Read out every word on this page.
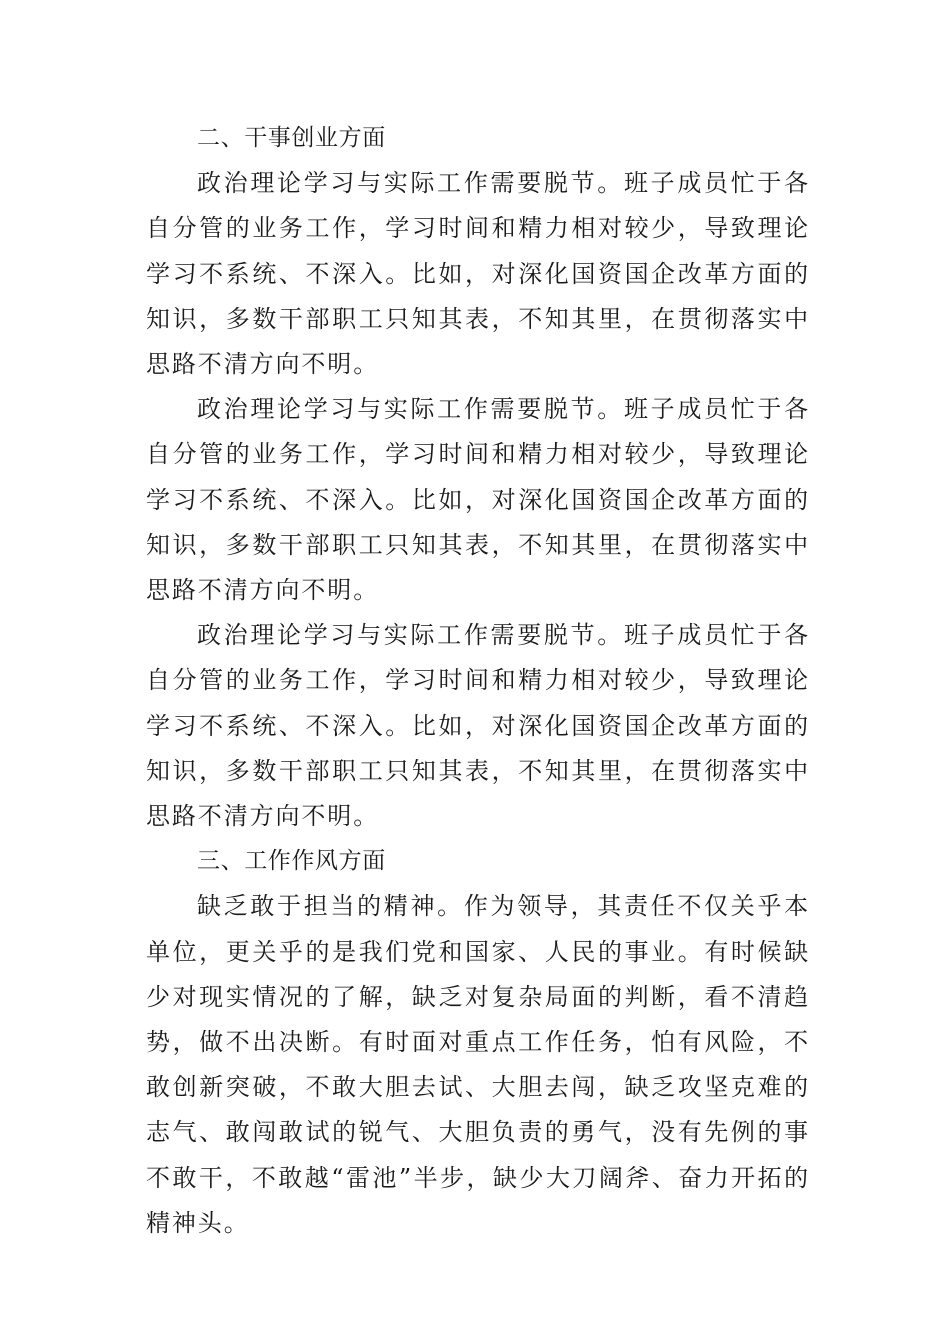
二、干事创业方面

政治理论学习与实际工作需要脱节。班子成员忙于各自分管的业务工作，学习时间和精力相对较少，导致理论学习不系统、不深入。比如，对深化国资国企改革方面的知识，多数干部职工只知其表，不知其里，在贯彻落实中思路不清方向不明。

政治理论学习与实际工作需要脱节。班子成员忙于各自分管的业务工作，学习时间和精力相对较少，导致理论学习不系统、不深入。比如，对深化国资国企改革方面的知识，多数干部职工只知其表，不知其里，在贯彻落实中思路不清方向不明。

政治理论学习与实际工作需要脱节。班子成员忙于各自分管的业务工作，学习时间和精力相对较少，导致理论学习不系统、不深入。比如，对深化国资国企改革方面的知识，多数干部职工只知其表，不知其里，在贯彻落实中思路不清方向不明。

三、工作作风方面

缺乏敢于担当的精神。作为领导，其责任不仅关乎本单位，更关乎的是我们党和国家、人民的事业。有时候缺少对现实情况的了解，缺乏对复杂局面的判断，看不清趋势，做不出决断。有时面对重点工作任务，怕有风险，不敢创新突破，不敢大胆去试、大胆去闯，缺乏攻坚克难的志气、敢闯敢试的锐气、大胆负责的勇气，没有先例的事不敢干，不敢越“雷池”半步，缺少大刀阔斧、奋力开拓的精神头。
